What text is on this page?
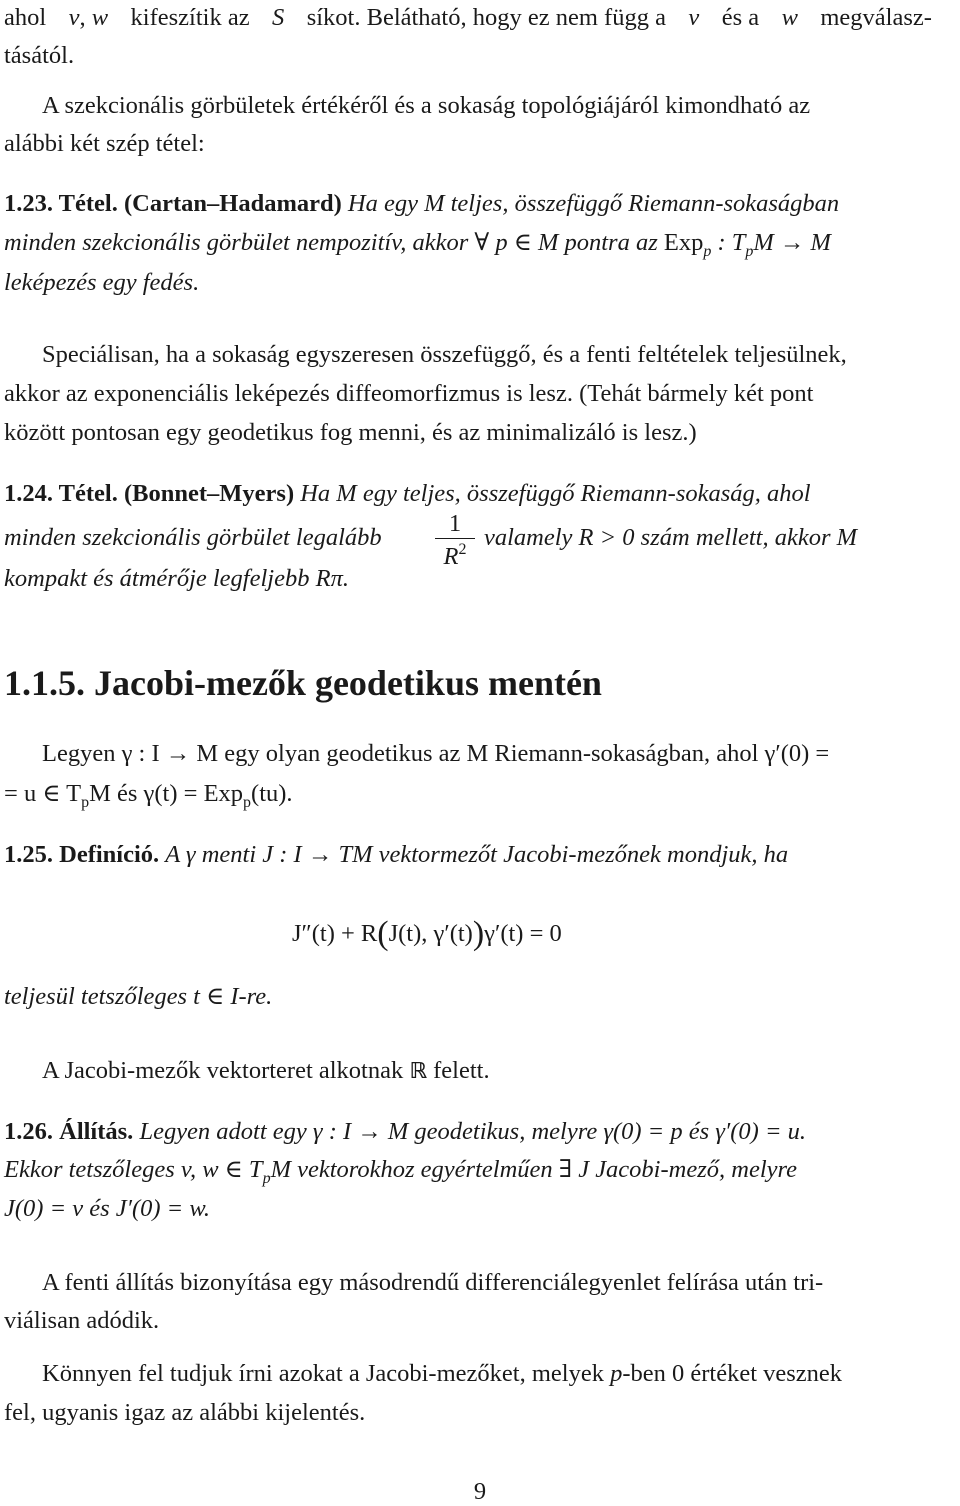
ahol v, w kifeszítik az S síkot. Belátható, hogy ez nem függ a v és a w megválasz-
tásától.
A szekcionális görbületek értékéről és a sokaság topológiájáról kimondható az
alábbi két szép tétel:
1.23. Tétel. (Cartan–Hadamard) Ha egy M teljes, összefüggő Riemann-sokaságban
minden szekcionális görbület nempozitív, akkor ∀ p ∈ M pontra az Exp$_p$ : $T_pM \to M$
leképezés egy fedés.
Speciálisan, ha a sokaság egyszeresen összefüggő, és a fenti feltételek teljesülnek,
akkor az exponenciális leképezés diffeomorfizmus is lesz. (Tehát bármely két pont
között pontosan egy geodetikus fog menni, és az minimalizáló is lesz.)
1.24. Tétel. (Bonnet–Myers) Ha M egy teljes, összefüggő Riemann-sokaság, ahol
minden szekcionális görbület legalább
1
$R^2$ valamely R > 0 szám mellett, akkor M
kompakt és átmérője legfeljebb Rπ.
1.1.5. Jacobi-mezők geodetikus mentén
Legyen γ : I → M egy olyan geodetikus az M Riemann-sokaságban, ahol γ′(0) =
= u ∈ $T_pM$ és γ(t) = Exp$_p$(tu).
1.25. Definíció. A γ menti J : I → TM vektormezőt Jacobi-mezőnek mondjuk, ha
J″(t) + R(J(t), γ′(t))γ′(t) = 0
teljesül tetszőleges t ∈ I-re.
A Jacobi-mezők vektorteret alkotnak ℝ felett.
1.26. Állítás. Legyen adott egy γ : I → M geodetikus, melyre γ(0) = p és γ′(0) = u.
Ekkor tetszőleges v, w ∈ $T_pM$ vektorokhoz egyértelműen ∃ J Jacobi-mező, melyre
J(0) = v és J′(0) = w.
A fenti állítás bizonyítása egy másodrendű differenciálegyenlet felírása után tri-
viálisan adódik.
Könnyen fel tudjuk írni azokat a Jacobi-mezőket, melyek p-ben 0 értéket vesznek
fel, ugyanis igaz az alábbi kijelentés.
9
